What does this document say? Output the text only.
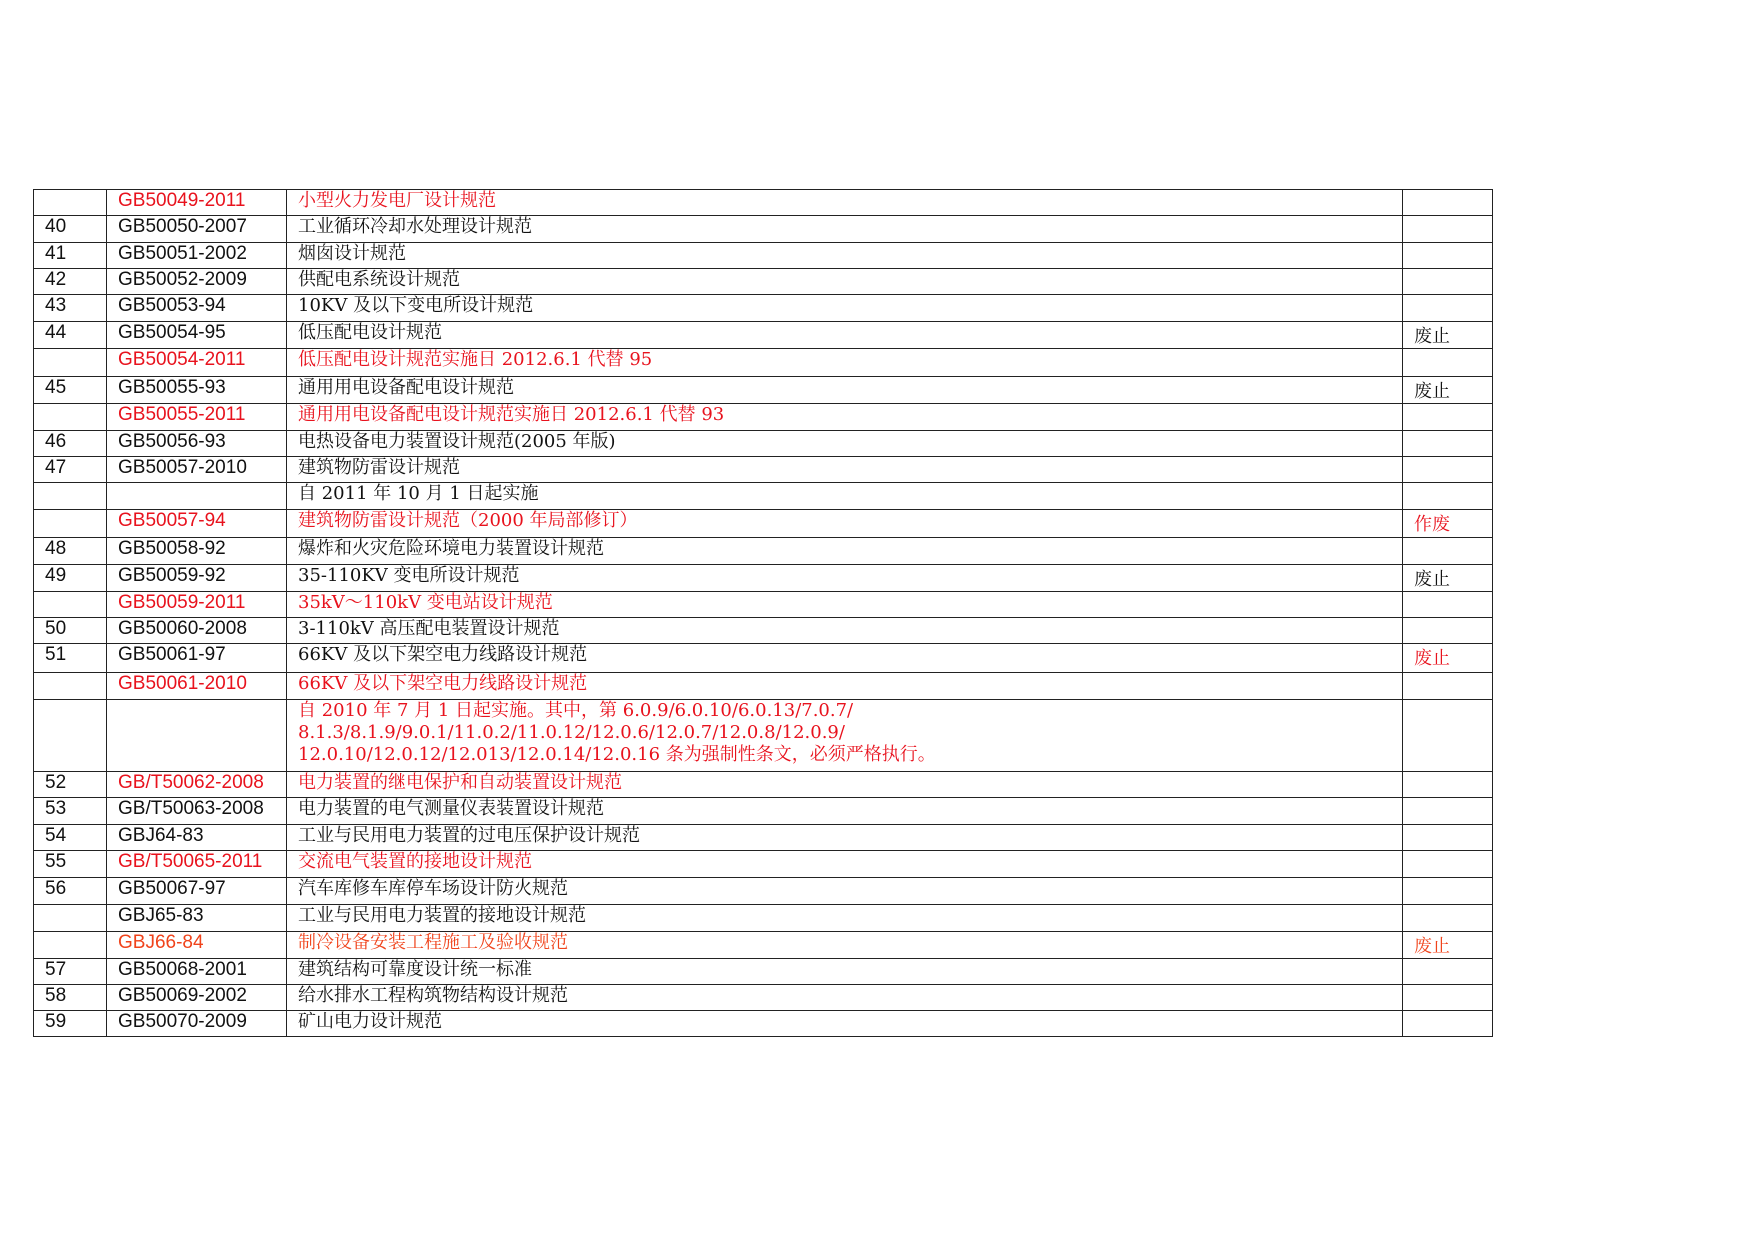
	GB50049-2011	小型火力发电厂设计规范	

40	GB50050-2007	工业循环冷却水处理设计规范	

41	GB50051-2002	烟囱设计规范	

42	GB50052-2009	供配电系统设计规范	

43	GB50053-94	10KV 及以下变电所设计规范	

44	GB50054-95	低压配电设计规范	废止
	GB50054-2011	低压配电设计规范实施日 2012.6.1 代替 95	

45	GB50055-93	通用用电设备配电设计规范	废止
	GB50055-2011	通用用电设备配电设计规范实施日 2012.6.1 代替 93	

46	GB50056-93	电热设备电力装置设计规范(2005 年版)	

47	GB50057-2010	建筑物防雷设计规范	

		自 2011 年 10 月 1 日起实施	

	GB50057-94	建筑物防雷设计规范（2000 年局部修订）	作废
48	GB50058-92	爆炸和火灾危险环境电力装置设计规范	

49	GB50059-92	35-110KV 变电所设计规范	废止
	GB50059-2011	35kV～110kV 变电站设计规范	

50	GB50060-2008	3-110kV 高压配电装置设计规范	

51	GB50061-97	66KV 及以下架空电力线路设计规范	废止
	GB50061-2010	66KV 及以下架空电力线路设计规范	

		自 2010 年 7 月 1 日起实施。其中，第 6.0.9/6.0.10/6.0.13/7.0.7/
8.1.3/8.1.9/9.0.1/11.0.2/11.0.12/12.0.6/12.0.7/12.0.8/12.0.9/
12.0.10/12.0.12/12.013/12.0.14/12.0.16 条为强制性条文，必须严格执行。	

52	GB/T50062-2008	电力装置的继电保护和自动装置设计规范	

53	GB/T50063-2008	电力装置的电气测量仪表装置设计规范	

54	GBJ64-83	工业与民用电力装置的过电压保护设计规范	

55	GB/T50065-2011	交流电气装置的接地设计规范	

56	GB50067-97	汽车库修车库停车场设计防火规范	

	GBJ65-83	工业与民用电力装置的接地设计规范	

	GBJ66-84	制冷设备安装工程施工及验收规范	废止
57	GB50068-2001	建筑结构可靠度设计统一标准	

58	GB50069-2002	给水排水工程构筑物结构设计规范	

59	GB50070-2009	矿山电力设计规范	
